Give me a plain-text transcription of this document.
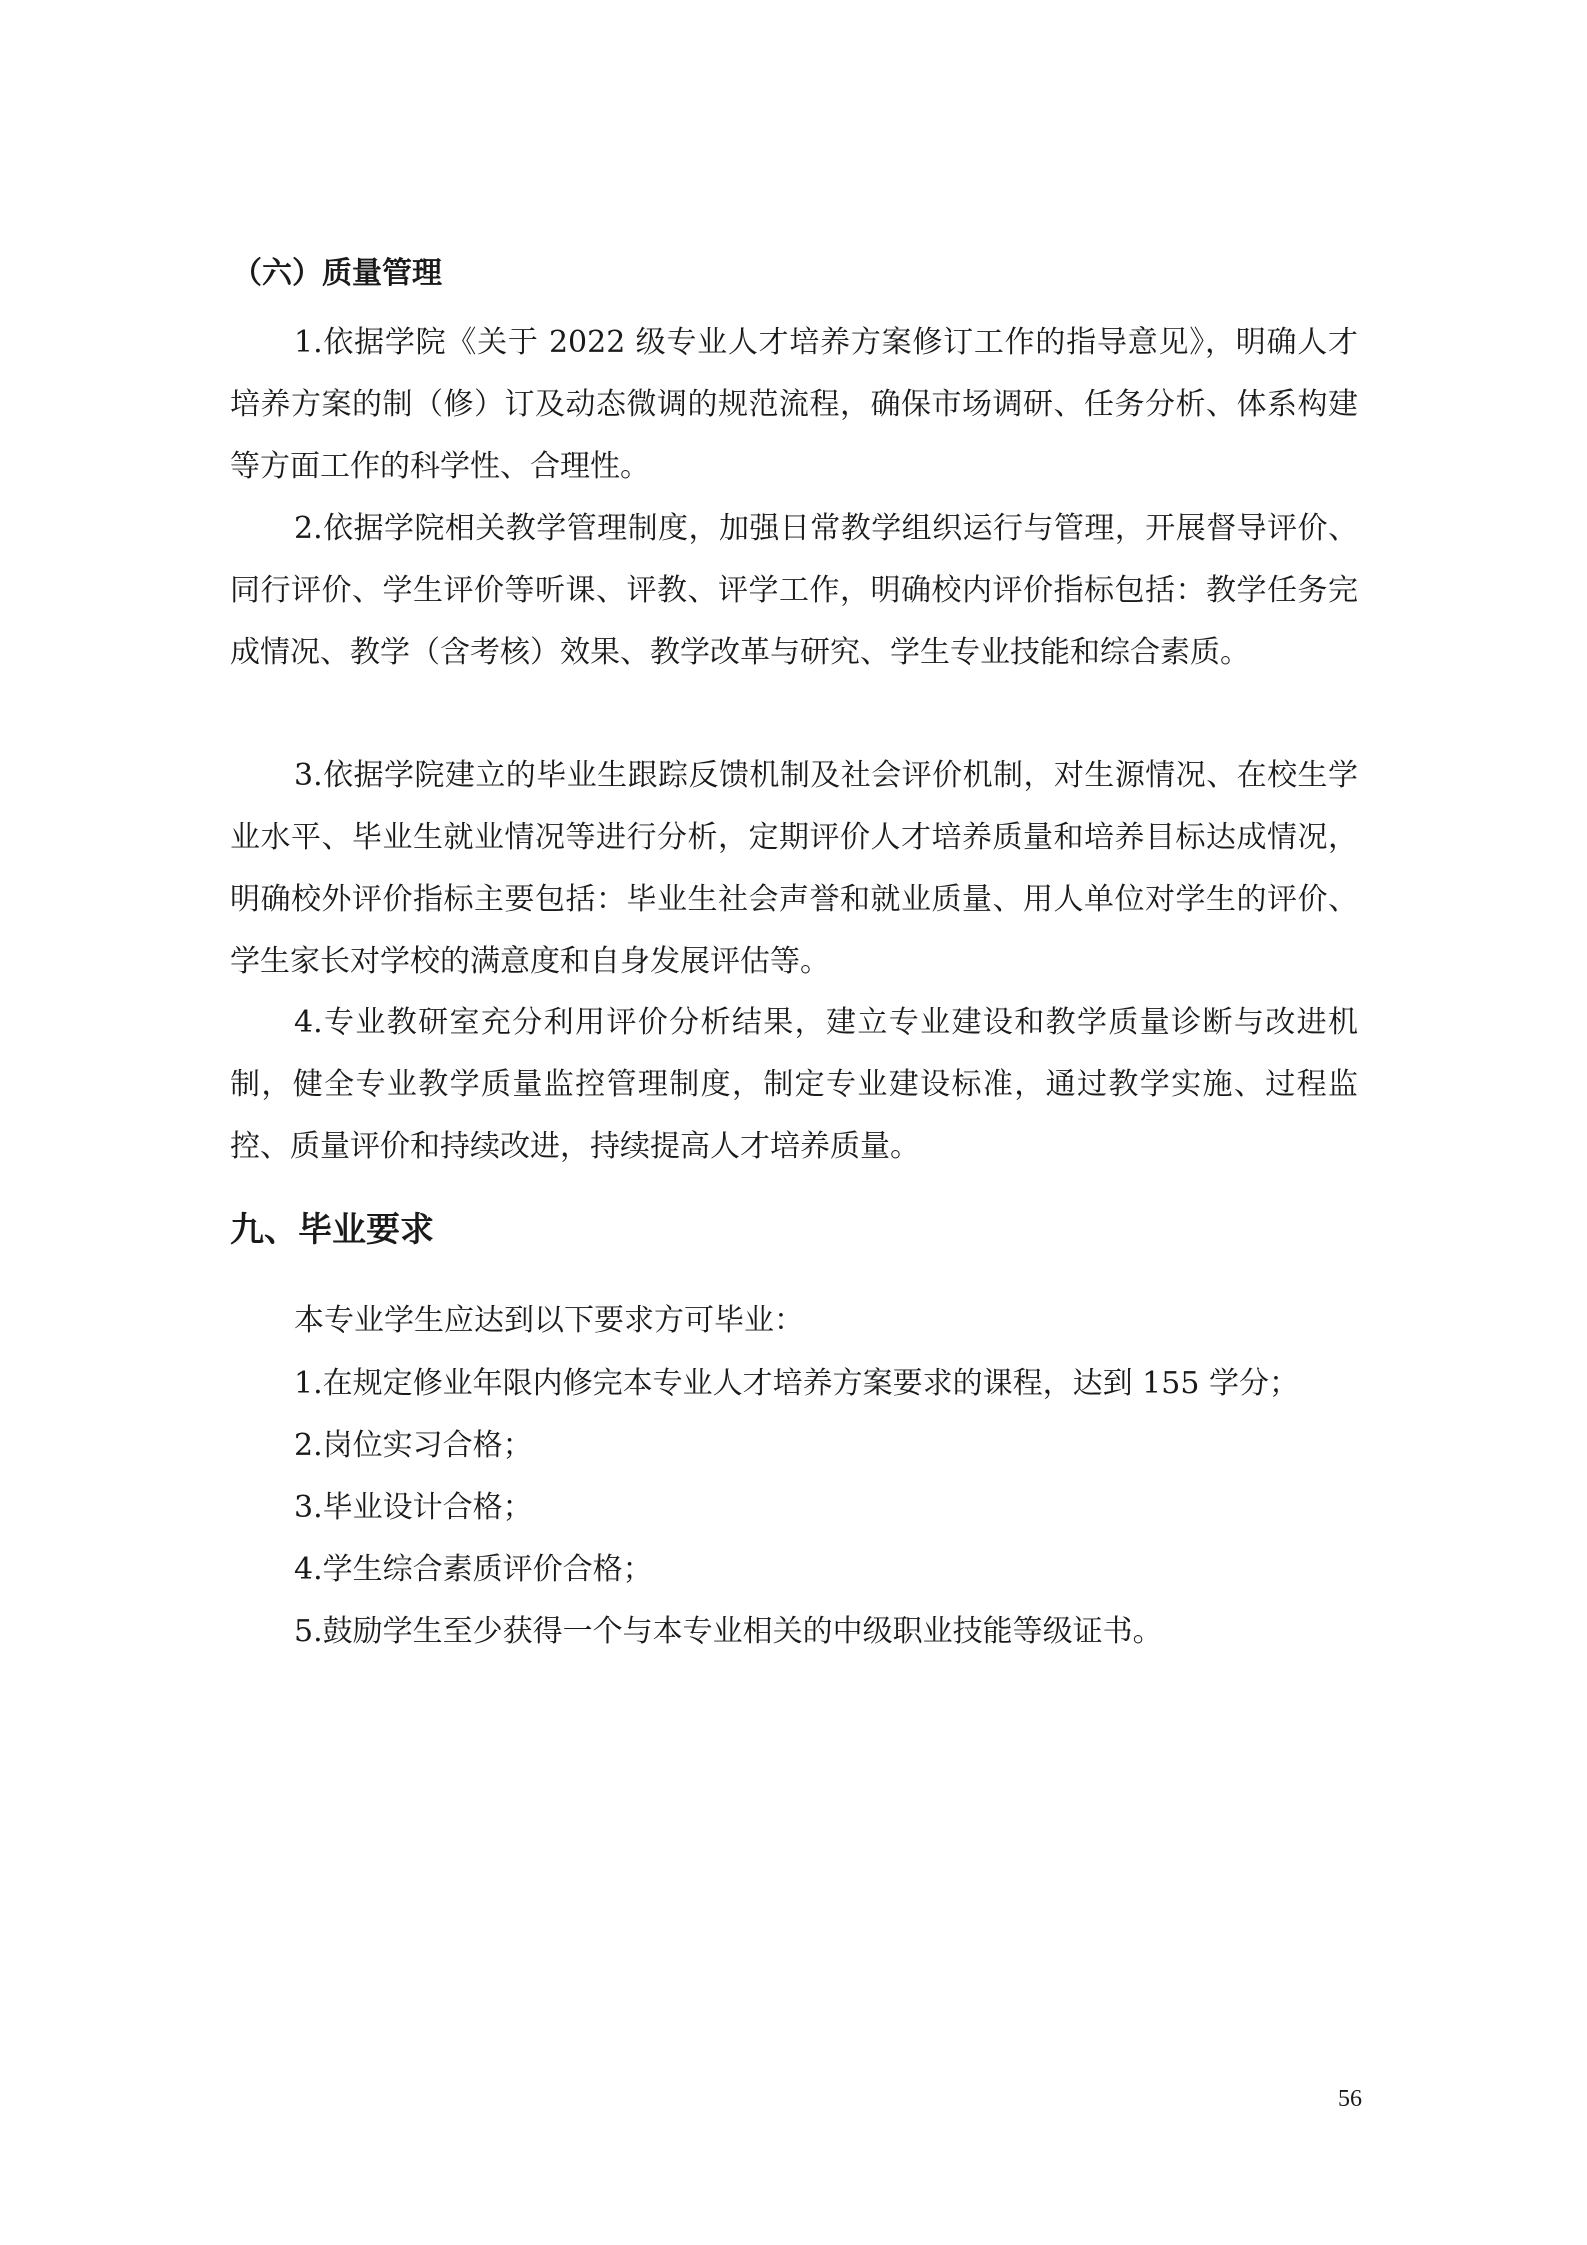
（六）质量管理

1.依据学院《关于 2022 级专业人才培养方案修订工作的指导意见》，明确人才培养方案的制（修）订及动态微调的规范流程，确保市场调研、任务分析、体系构建等方面工作的科学性、合理性。

2.依据学院相关教学管理制度，加强日常教学组织运行与管理，开展督导评价、同行评价、学生评价等听课、评教、评学工作，明确校内评价指标包括：教学任务完成情况、教学（含考核）效果、教学改革与研究、学生专业技能和综合素质。

3.依据学院建立的毕业生跟踪反馈机制及社会评价机制，对生源情况、在校生学业水平、毕业生就业情况等进行分析，定期评价人才培养质量和培养目标达成情况，明确校外评价指标主要包括：毕业生社会声誉和就业质量、用人单位对学生的评价、学生家长对学校的满意度和自身发展评估等。

4.专业教研室充分利用评价分析结果，建立专业建设和教学质量诊断与改进机制，健全专业教学质量监控管理制度，制定专业建设标准，通过教学实施、过程监控、质量评价和持续改进，持续提高人才培养质量。

九、毕业要求

本专业学生应达到以下要求方可毕业：

1.在规定修业年限内修完本专业人才培养方案要求的课程，达到 155 学分；

2.岗位实习合格；

3.毕业设计合格；

4.学生综合素质评价合格；

5.鼓励学生至少获得一个与本专业相关的中级职业技能等级证书。

56
